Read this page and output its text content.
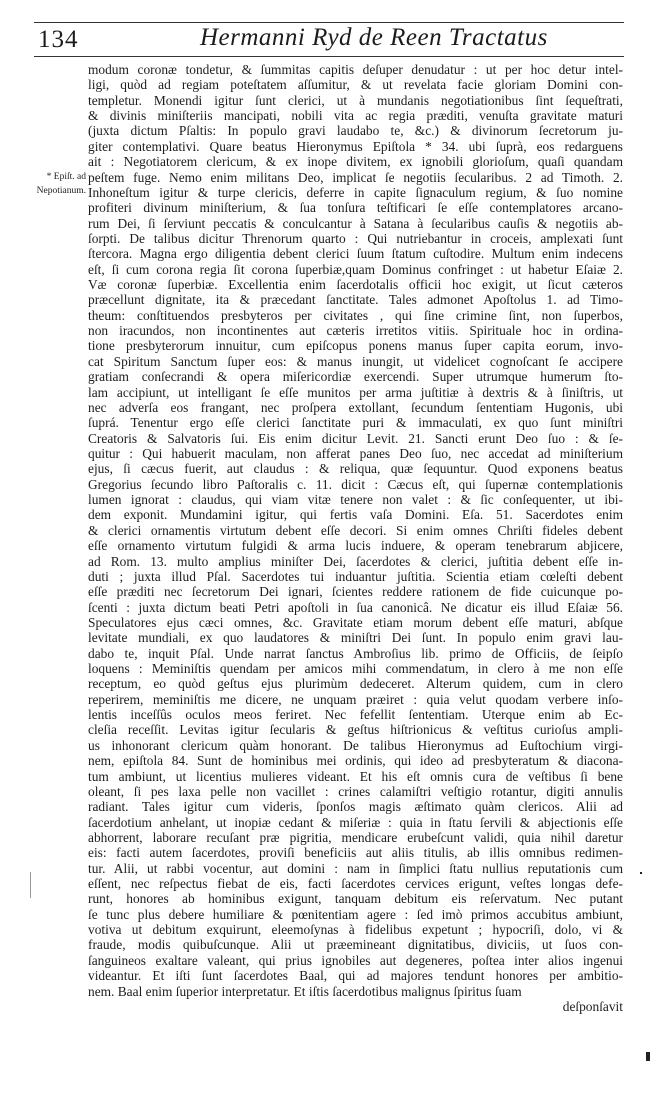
134	Hermanni Ryd de Reen Tractatus
* Epiſt. ad
Nepotianum.
modum coronæ tondetur, & ſummitas capitis deſuper denudatur : ut per hoc detur intel-
ligi, quòd ad regiam poteſtatem aſſumitur, & ut revelata facie gloriam Domini con-
templetur. Monendi igitur ſunt clerici, ut à mundanis negotiationibus ſint ſequeſtrati,
& divinis miniſteriis mancipati, nobili vita ac regia præditi, venuſta gravitate maturi
(juxta dictum Pſaltis: In populo gravi laudabo te, &c.) & divinorum ſecretorum ju-
giter contemplativi. Quare beatus Hieronymus Epiſtola * 34. ubi ſuprà, eos redarguens
ait : Negotiatorem clericum, & ex inope divitem, ex ignobili glorioſum, quaſi quandam
peſtem fuge. Nemo enim militans Deo, implicat ſe negotiis ſecularibus. 2 ad Timoth. 2.
Inhoneſtum igitur & turpe clericis, deferre in capite ſignaculum regium, & ſuo nomine
profiteri divinum miniſterium, & ſua tonſura teſtificari ſe eſſe contemplatores arcano-
rum Dei, ſi ſerviunt peccatis & conculcantur à Satana à ſecularibus cauſis & negotiis ab-
ſorpti. De talibus dicitur Threnorum quarto : Qui nutriebantur in croceis, amplexati ſunt
ſtercora. Magna ergo diligentia debent clerici ſuum ſtatum cuſtodire. Multum enim indecens
eſt, ſi cum corona regia ſit corona ſuperbiæ,quam Dominus confringet : ut habetur Eſaiæ 2.
Væ coronæ ſuperbiæ. Excellentia enim ſacerdotalis officii hoc exigit, ut ſicut cæteros
præcellunt dignitate, ita & præcedant ſanctitate. Tales admonet Apoſtolus 1. ad Timo-
theum: conſtituendos presbyteros per civitates , qui ſine crimine ſint, non ſuperbos,
non iracundos, non incontinentes aut cæteris irretitos vitiis. Spirituale hoc in ordina-
tione presbyterorum innuitur, cum epiſcopus ponens manus ſuper capita eorum, invo-
cat Spiritum Sanctum ſuper eos: & manus inungit, ut videlicet cognoſcant ſe accipere
gratiam conſecrandi & opera miſericordiæ exercendi. Super utrumque humerum ſto-
lam accipiunt, ut intelligant ſe eſſe munitos per arma juſtitiæ à dextris & à ſiniſtris, ut
nec adverſa eos frangant, nec proſpera extollant, ſecundum ſententiam Hugonis, ubi
ſuprá. Tenentur ergo eſſe clerici ſanctitate puri & immaculati, ex quo ſunt miniſtri
Creatoris & Salvatoris ſui. Eis enim dicitur Levit. 21. Sancti erunt Deo ſuo : & ſe-
quitur : Qui habuerit maculam, non afferat panes Deo ſuo, nec accedat ad miniſterium
ejus, ſi cæcus fuerit, aut claudus : & reliqua, quæ ſequuntur. Quod exponens beatus
Gregorius ſecundo libro Paſtoralis c. 11. dicit : Cæcus eſt, qui ſupernæ contemplationis
lumen ignorat : claudus, qui viam vitæ tenere non valet : & ſic conſequenter, ut ibi-
dem exponit. Mundamini igitur, qui fertis vaſa Domini. Eſa. 51. Sacerdotes enim
& clerici ornamentis virtutum debent eſſe decori. Si enim omnes Chriſti fideles debent
eſſe ornamento virtutum fulgidi & arma lucis induere, & operam tenebrarum abjicere,
ad Rom. 13. multo amplius miniſter Dei, ſacerdotes & clerici, juſtitia debent eſſe in-
duti ; juxta illud Pſal. Sacerdotes tui induantur juſtitia. Scientia etiam cœleſti debent
eſſe præditi nec ſecretorum Dei ignari, ſcientes reddere rationem de fide cuicunque po-
ſcenti : juxta dictum beati Petri apoſtoli in ſua canonicâ. Ne dicatur eis illud Eſaiæ 56.
Speculatores ejus cæci omnes, &c. Gravitate etiam morum debent eſſe maturi, abſque
levitate mundiali, ex quo laudatores & miniſtri Dei ſunt. In populo enim gravi lau-
dabo te, inquit Pſal. Unde narrat ſanctus Ambroſius lib. primo de Officiis, de ſeipſo
loquens : Meminiſtis quendam per amicos mihi commendatum, in clero à me non eſſe
receptum, eo quòd geſtus ejus plurimùm dedeceret. Alterum quidem, cum in clero
reperirem, meminiſtis me dicere, ne unquam præiret : quia velut quodam verbere inſo-
lentis inceſſûs oculos meos feriret. Nec fefellit ſententiam. Uterque enim ab Ec-
cleſia receſſit. Levitas igitur ſecularis & geſtus hiſtrionicus & veſtitus curioſus ampli-
us inhonorant clericum quàm honorant. De talibus Hieronymus ad Euſtochium virgi-
nem, epiſtola 84. Sunt de hominibus mei ordinis, qui ideo ad presbyteratum & diacona-
tum ambiunt, ut licentius mulieres videant. Et his eſt omnis cura de veſtibus ſi bene
oleant, ſi pes laxa pelle non vacillet : crines calamiſtri veſtigio rotantur, digiti annulis
radiant. Tales igitur cum videris, ſponſos magis æſtimato quàm clericos. Alii ad
ſacerdotium anhelant, ut inopiæ cedant & miſeriæ : quia in ſtatu ſervili & abjectionis eſſe
abhorrent, laborare recuſant præ pigritia, mendicare erubeſcunt validi, quia nihil daretur
eis: facti autem ſacerdotes, proviſi beneficiis aut aliis titulis, ab illis omnibus redimen-
tur. Alii, ut rabbi vocentur, aut domini : nam in ſimplici ſtatu nullius reputationis cum
eſſent, nec reſpectus fiebat de eis, facti ſacerdotes cervices erigunt, veſtes longas defe-
runt, honores ab hominibus exigunt, tanquam debitum eis reſervatum. Nec putant
ſe tunc plus debere humiliare & pœnitentiam agere : ſed imò primos accubitus ambiunt,
votiva ut debitum exquirunt, eleemoſynas à fidelibus expetunt ; hypocriſi, dolo, vi &
fraude, modis quibuſcunque. Alii ut præemineant dignitatibus, diviciis, ut ſuos con-
ſanguineos exaltare valeant, qui prius ignobiles aut degeneres, poſtea inter alios ingenui
videantur. Et iſti ſunt ſacerdotes Baal, qui ad majores tendunt honores per ambitio-
nem. Baal enim ſuperior interpretatur. Et iſtis ſacerdotibus malignus ſpiritus ſuam
deſponſavit
